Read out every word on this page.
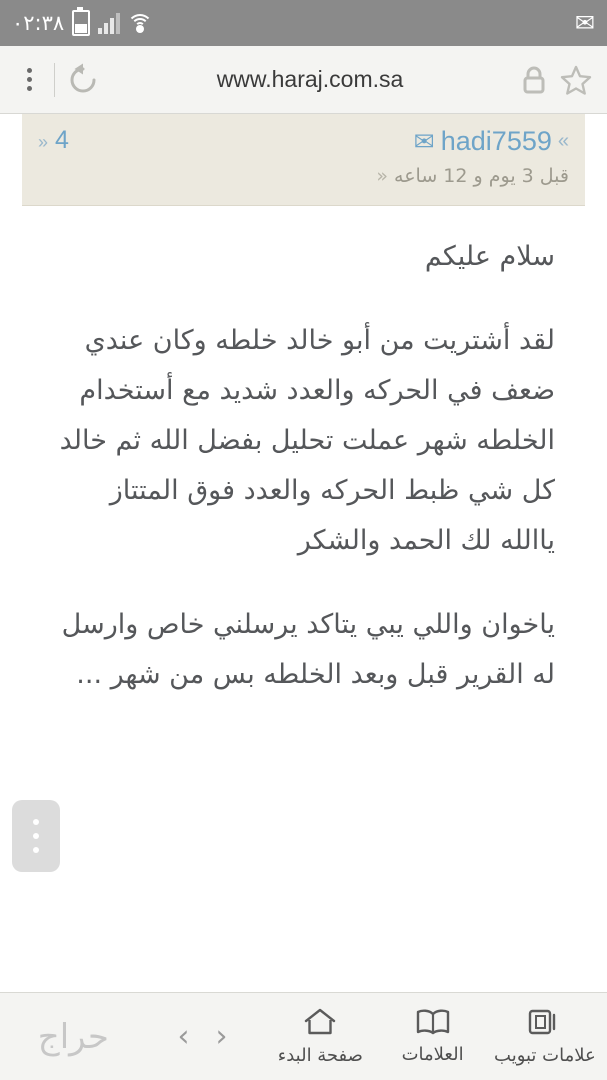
٠٢:٣٨	✉
www.haraj.com.sa
✉ hadi7559 «
» 4
قبل 3 يوم و 12 ساعه «

سلام عليكم

لقد أشتريت من أبو خالد خلطه وكان عندي ضعف في الحركه والعدد شديد مع أستخدام الخلطه شهر عملت تحليل بفضل الله ثم خالد كل شي ظبط الحركه والعدد فوق المتتاز ياالله لك الحمد والشكر

ياخوان واللي يبي يتاكد يرسلني خاص وارسل له القرير قبل وبعد الخلطه بس من شهر ...

علامات تبويب
العلامات
صفحة البدء
‹ ›
حراج
